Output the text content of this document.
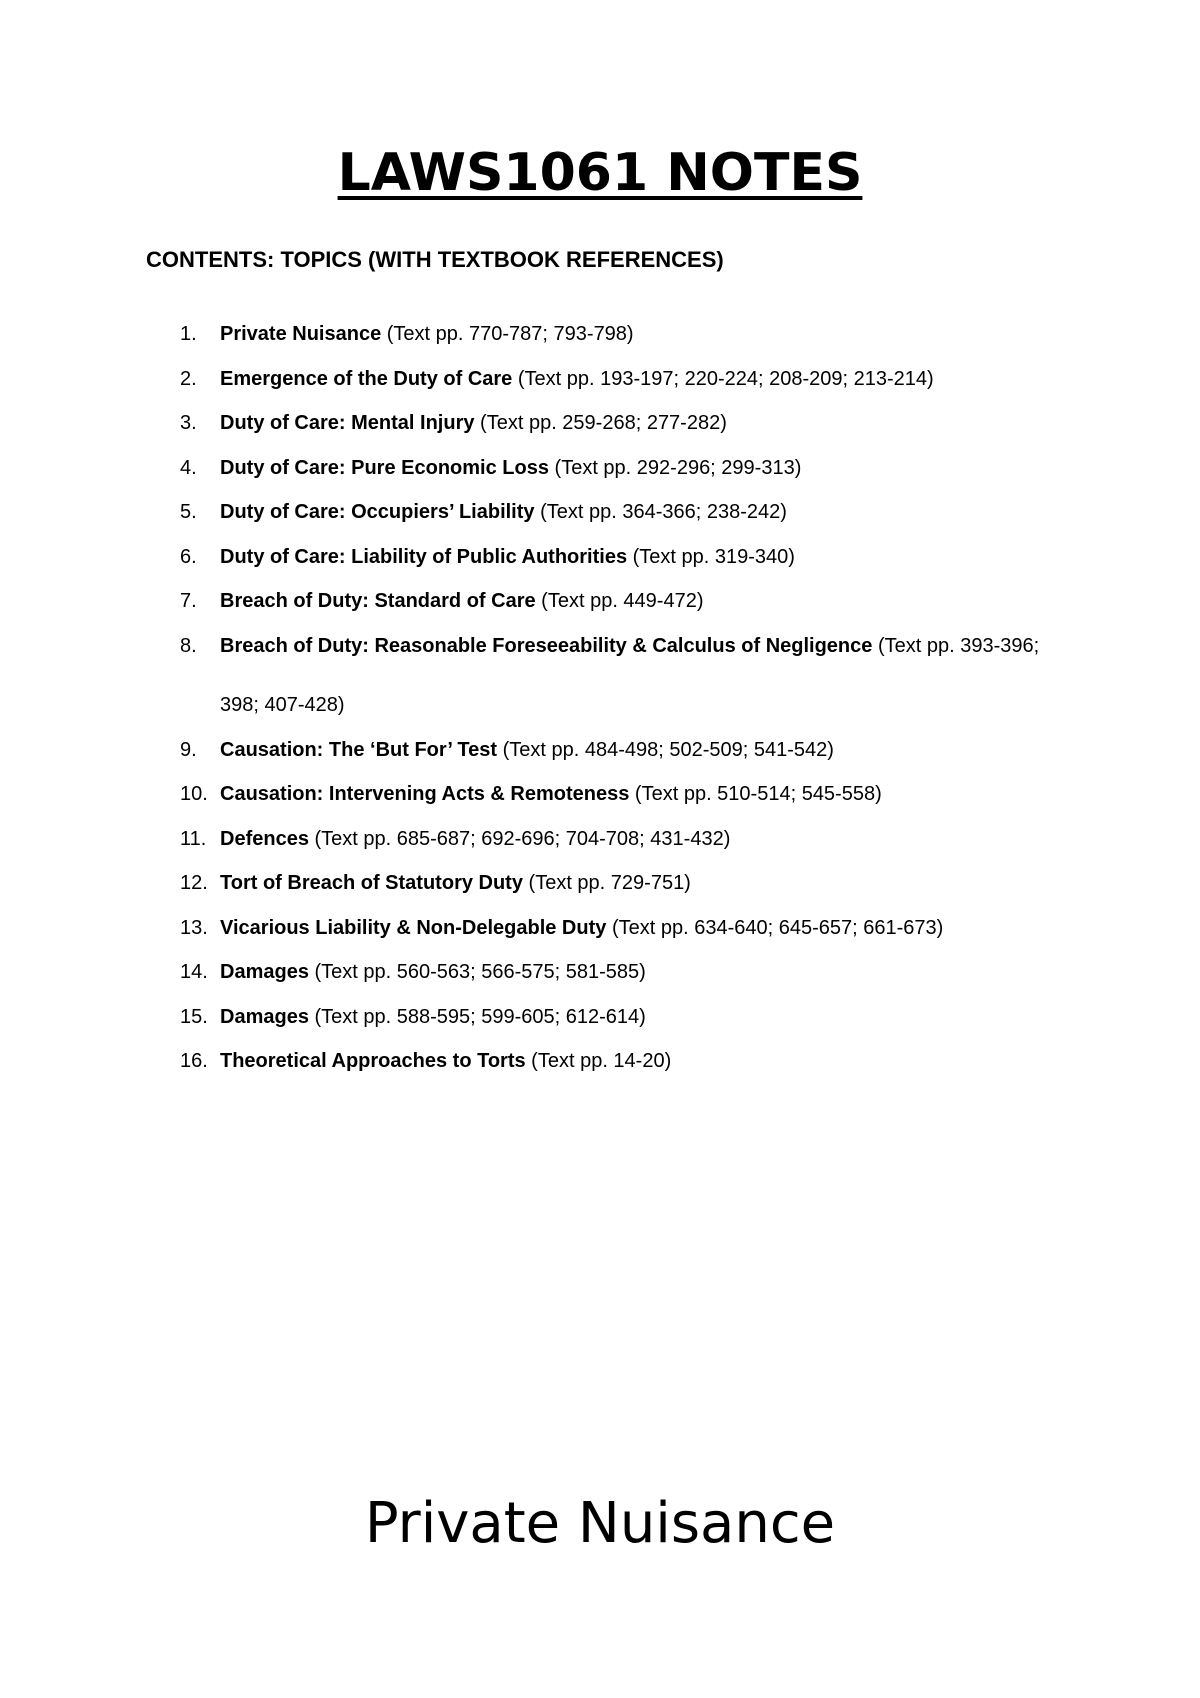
LAWS1061 NOTES
CONTENTS: TOPICS (WITH TEXTBOOK REFERENCES)
1. Private Nuisance (Text pp. 770-787; 793-798)
2. Emergence of the Duty of Care (Text pp. 193-197; 220-224; 208-209; 213-214)
3. Duty of Care: Mental Injury (Text pp. 259-268; 277-282)
4. Duty of Care: Pure Economic Loss (Text pp. 292-296; 299-313)
5. Duty of Care: Occupiers’ Liability (Text pp. 364-366; 238-242)
6. Duty of Care: Liability of Public Authorities (Text pp. 319-340)
7. Breach of Duty: Standard of Care (Text pp. 449-472)
8. Breach of Duty: Reasonable Foreseeability & Calculus of Negligence (Text pp. 393-396; 398; 407-428)
9. Causation: The ‘But For’ Test (Text pp. 484-498; 502-509; 541-542)
10. Causation: Intervening Acts & Remoteness (Text pp. 510-514; 545-558)
11. Defences (Text pp. 685-687; 692-696; 704-708; 431-432)
12. Tort of Breach of Statutory Duty (Text pp. 729-751)
13. Vicarious Liability & Non-Delegable Duty (Text pp. 634-640; 645-657; 661-673)
14. Damages (Text pp. 560-563; 566-575; 581-585)
15. Damages (Text pp. 588-595; 599-605; 612-614)
16. Theoretical Approaches to Torts (Text pp. 14-20)
Private Nuisance
